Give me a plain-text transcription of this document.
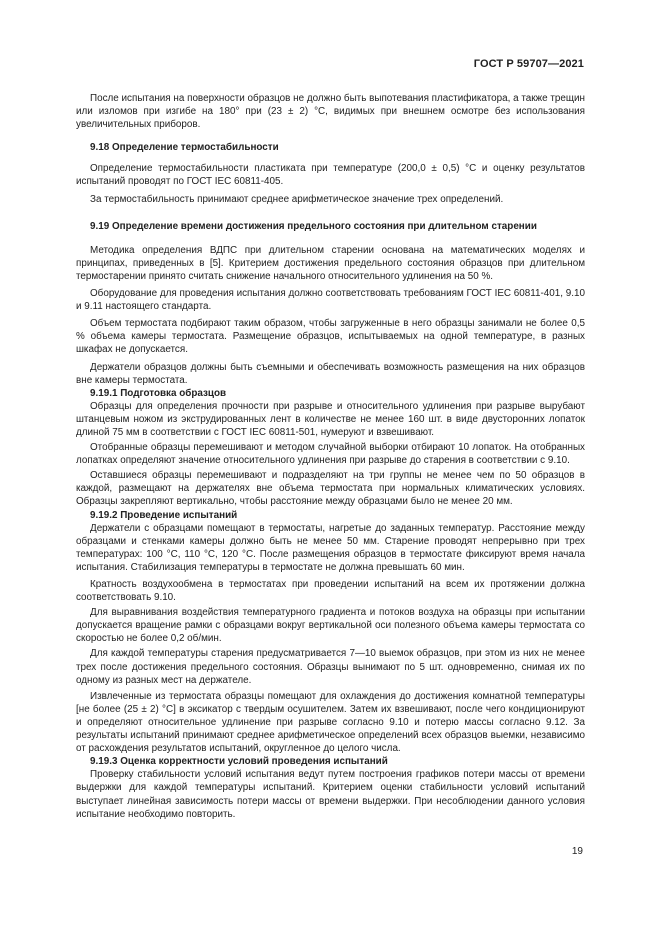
ГОСТ Р 59707—2021

После испытания на поверхности образцов не должно быть выпотевания пластификатора, а также трещин или изломов при изгибе на 180° при (23 ± 2) °С, видимых при внешнем осмотре без использования увеличительных приборов.

9.18 Определение термостабильности

Определение термостабильности пластиката при температуре (200,0 ± 0,5) °С и оценку результатов испытаний проводят по ГОСТ IEC 60811-405.

За термостабильность принимают среднее арифметическое значение трех определений.

9.19 Определение времени достижения предельного состояния при длительном старении

Методика определения ВДПС при длительном старении основана на математических моделях и принципах, приведенных в [5]. Критерием достижения предельного состояния образцов при длительном термостарении принято считать снижение начального относительного удлинения на 50 %.

Оборудование для проведения испытания должно соответствовать требованиям ГОСТ IEC 60811-401, 9.10 и 9.11 настоящего стандарта.

Объем термостата подбирают таким образом, чтобы загруженные в него образцы занимали не более 0,5 % объема камеры термостата. Размещение образцов, испытываемых на одной температуре, в разных шкафах не допускается.

Держатели образцов должны быть съемными и обеспечивать возможность размещения на них образцов вне камеры термостата.

9.19.1 Подготовка образцов

Образцы для определения прочности при разрыве и относительного удлинения при разрыве вырубают штанцевым ножом из экструдированных лент в количестве не менее 160 шт. в виде двусторонних лопаток длиной 75 мм в соответствии с ГОСТ IEC 60811-501, нумеруют и взвешивают.

Отобранные образцы перемешивают и методом случайной выборки отбирают 10 лопаток. На отобранных лопатках определяют значение относительного удлинения при разрыве до старения в соответствии с 9.10.

Оставшиеся образцы перемешивают и подразделяют на три группы не менее чем по 50 образцов в каждой, размещают на держателях вне объема термостата при нормальных климатических условиях. Образцы закрепляют вертикально, чтобы расстояние между образцами было не менее 20 мм.

9.19.2 Проведение испытаний

Держатели с образцами помещают в термостаты, нагретые до заданных температур. Расстояние между образцами и стенками камеры должно быть не менее 50 мм. Старение проводят непрерывно при трех температурах: 100 °С, 110 °С, 120 °С. После размещения образцов в термостате фиксируют время начала испытания. Стабилизация температуры в термостате не должна превышать 60 мин.

Кратность воздухообмена в термостатах при проведении испытаний на всем их протяжении должна соответствовать 9.10.

Для выравнивания воздействия температурного градиента и потоков воздуха на образцы при испытании допускается вращение рамки с образцами вокруг вертикальной оси полезного объема камеры термостата со скоростью не более 0,2 об/мин.

Для каждой температуры старения предусматривается 7—10 выемок образцов, при этом из них не менее трех после достижения предельного состояния. Образцы вынимают по 5 шт. одновременно, снимая их по одному из разных мест на держателе.

Извлеченные из термостата образцы помещают для охлаждения до достижения комнатной температуры [не более (25 ± 2) °С] в эксикатор с твердым осушителем. Затем их взвешивают, после чего кондиционируют и определяют относительное удлинение при разрыве согласно 9.10 и потерю массы согласно 9.12. За результаты испытаний принимают среднее арифметическое определений всех образцов выемки, независимо от расхождения результатов испытаний, округленное до целого числа.

9.19.3 Оценка корректности условий проведения испытаний

Проверку стабильности условий испытания ведут путем построения графиков потери массы от времени выдержки для каждой температуры испытаний. Критерием оценки стабильности условий испытаний выступает линейная зависимость потери массы от времени выдержки. При несоблюдении данного условия испытание необходимо повторить.

19
